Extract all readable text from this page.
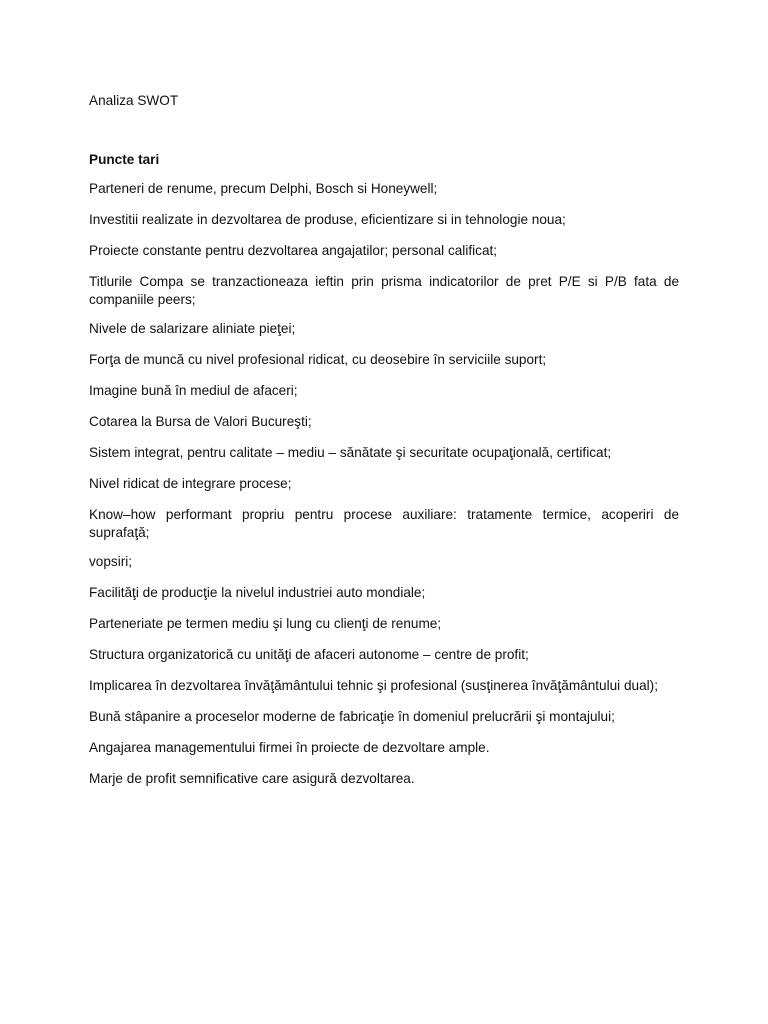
Analiza SWOT

Puncte tari

Parteneri de renume, precum Delphi, Bosch si Honeywell;

Investitii realizate in dezvoltarea de produse, eficientizare si in tehnologie noua;

Proiecte constante pentru dezvoltarea angajatilor; personal calificat;

Titlurile Compa se tranzactioneaza ieftin prin prisma indicatorilor de pret P/E si P/B fata de companiile peers;

Nivele de salarizare aliniate pieţei;

Forţa de muncă cu nivel profesional ridicat, cu deosebire în serviciile suport;

Imagine bună în mediul de afaceri;

Cotarea la Bursa de Valori Bucureşti;

Sistem integrat, pentru calitate – mediu – sănătate şi securitate ocupaţională, certificat;

Nivel ridicat de integrare procese;

Know–how performant propriu pentru procese auxiliare: tratamente termice, acoperiri de suprafaţă;

vopsiri;

Facilităţi de producţie la nivelul industriei auto mondiale;

Parteneriate pe termen mediu şi lung cu clienţi de renume;

Structura organizatorică cu unităţi de afaceri autonome – centre de profit;

Implicarea în dezvoltarea învăţământului tehnic şi profesional (susţinerea învăţământului dual);

Bună stâpanire a proceselor moderne de fabricaţie în domeniul prelucrării şi montajului;

Angajarea managementului firmei în proiecte de dezvoltare ample.

Marje de profit semnificative care asigură dezvoltarea.
